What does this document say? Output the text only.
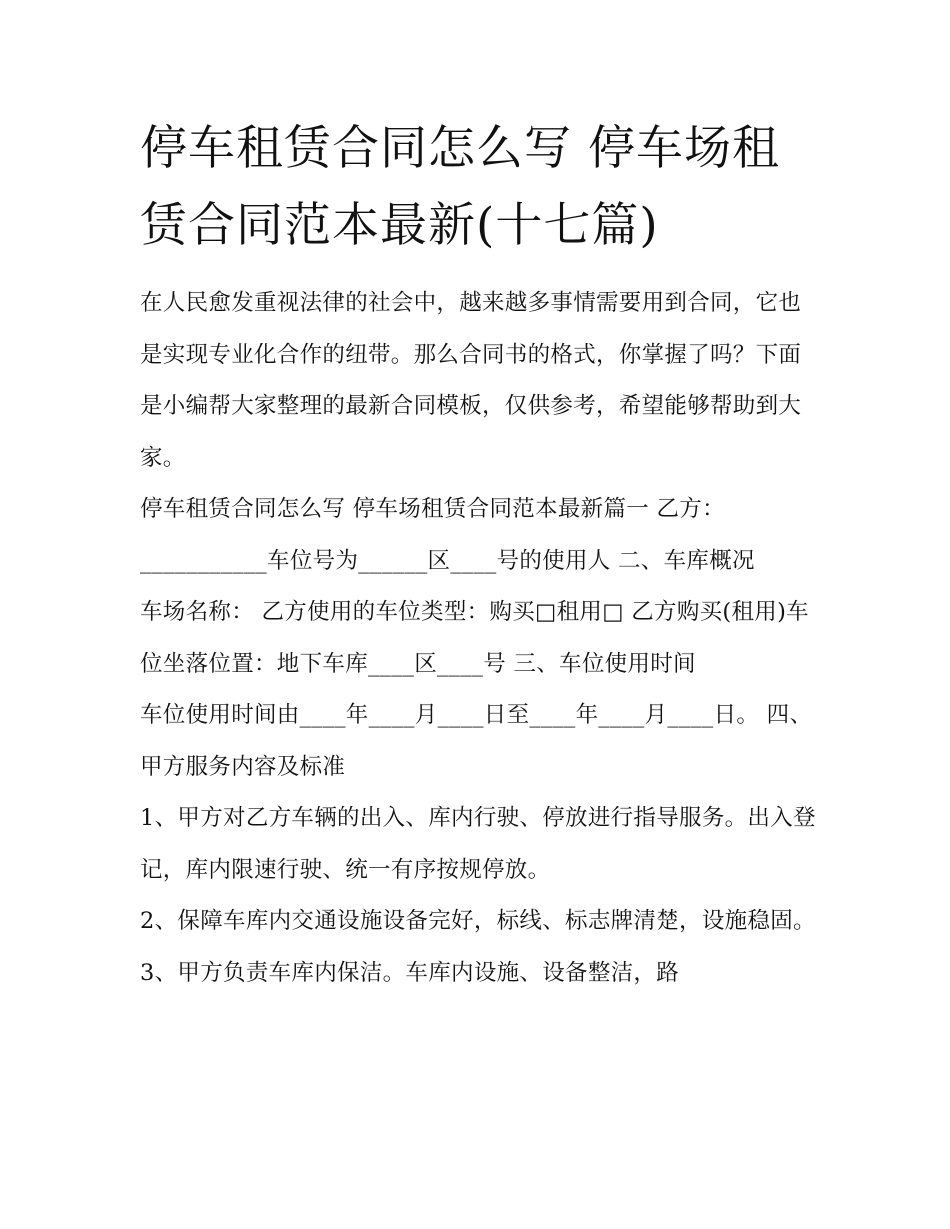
停车租赁合同怎么写 停车场租赁合同范本最新(十七篇)

在人民愈发重视法律的社会中，越来越多事情需要用到合同，它也是实现专业化合作的纽带。那么合同书的格式，你掌握了吗？下面是小编帮大家整理的最新合同模板，仅供参考，希望能够帮助到大家。

停车租赁合同怎么写 停车场租赁合同范本最新篇一 乙方：___________车位号为______区____号的使用人 二、车库概况

车场名称： 乙方使用的车位类型：购买□租用□ 乙方购买(租用)车位坐落位置：地下车库____区____号 三、车位使用时间

车位使用时间由____年____月____日至____年____月____日。 四、甲方服务内容及标准

1、甲方对乙方车辆的出入、库内行驶、停放进行指导服务。出入登记，库内限速行驶、统一有序按规停放。

2、保障车库内交通设施设备完好，标线、标志牌清楚，设施稳固。 3、甲方负责车库内保洁。车库内设施、设备整洁，路
